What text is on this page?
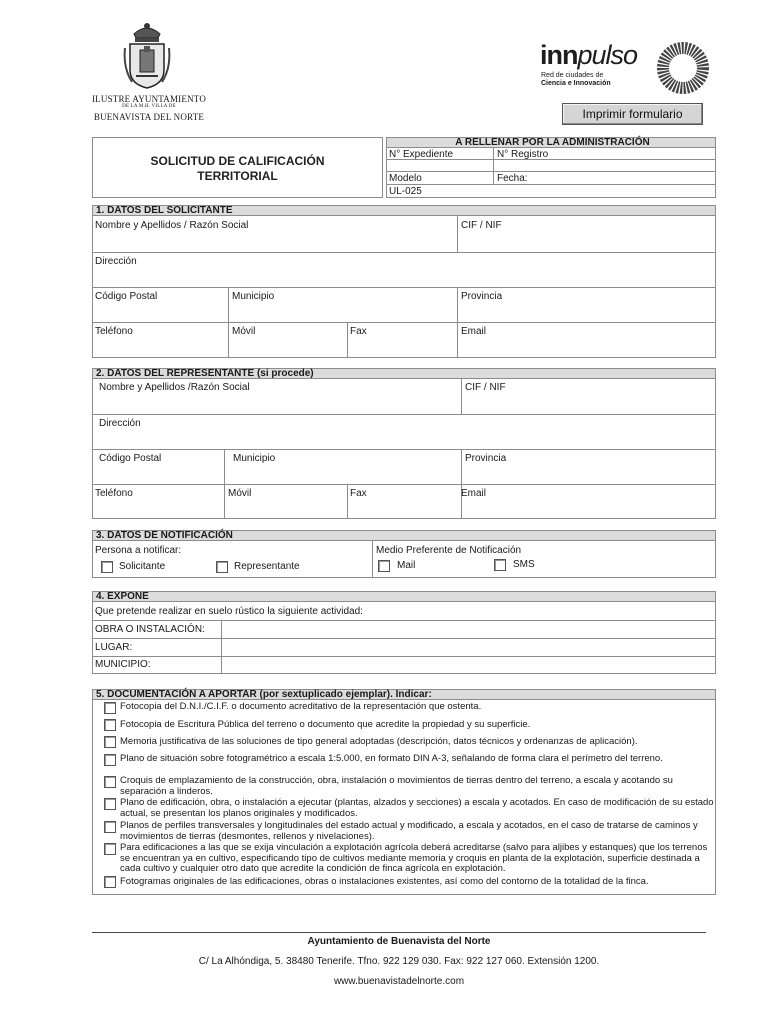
ILUSTRE AYUNTAMIENTO
DE LA M.H. VILLA DE
BUENAVISTA DEL NORTE
innpulso
Red de ciudades de
Ciencia e Innovación
Imprimir formulario
SOLICITUD DE CALIFICACIÓN
TERRITORIAL
A RELLENAR POR LA ADMINISTRACIÓN
N° Expediente	N° Registro
Modelo	Fecha:
UL-025
1. DATOS DEL SOLICITANTE
Nombre y Apellidos / Razón Social	CIF / NIF
Dirección
Código Postal	Municipio	Provincia
Teléfono	Móvil	Fax	Email
2. DATOS DEL REPRESENTANTE (si procede)
Nombre y Apellidos /Razón Social	CIF / NIF
Dirección
Código Postal	Municipio	Provincia
Teléfono	Móvil	Fax	Email
3. DATOS DE NOTIFICACIÓN
Persona a notificar:
Solicitante	Representante
Medio Preferente de Notificación
Mail	SMS
4. EXPONE
Que pretende realizar en suelo rústico la siguiente actividad:
OBRA O INSTALACIÓN:
LUGAR:
MUNICIPIO:
5. DOCUMENTACIÓN A APORTAR (por sextuplicado ejemplar). Indicar:
Fotocopia del D.N.I./C.I.F. o documento acreditativo de la representación que ostenta.
Fotocopia de Escritura Pública del terreno o documento que acredite la propiedad y su superficie.
Memoria justificativa de las soluciones de tipo general adoptadas (descripción, datos técnicos y ordenanzas de aplicación).
Plano de situación sobre fotogramétrico a escala 1:5.000, en formato DIN A-3, señalando de forma clara el perímetro del terreno.
Croquis de emplazamiento de la construcción, obra, instalación o movimientos de tierras dentro del terreno, a escala y acotando su separación a linderos.
Plano de edificación, obra, o instalación a ejecutar (plantas, alzados y secciones) a escala y acotados. En caso de modificación de su estado actual, se presentan los planos originales y modificados.
Planos de perfiles transversales y longitudinales del estado actual y modificado, a escala y acotados, en el caso de tratarse de caminos y movimientos de tierras (desmontes, rellenos y nivelaciones).
Para edificaciones a las que se exija vinculación a explotación agrícola deberá acreditarse (salvo para aljibes y estanques) que los terrenos se encuentran ya en cultivo, especificando tipo de cultivos mediante memoria y croquis en planta de la explotación, superficie destinada a cada cultivo y cualquier otro dato que acredite la condición de finca agrícola en explotación.
Fotogramas originales de las edificaciones, obras o instalaciones existentes, así como del contorno de la totalidad de la finca.
Ayuntamiento de Buenavista del Norte
C/ La Alhóndiga, 5. 38480 Tenerife. Tfno. 922 129 030. Fax: 922 127 060. Extensión 1200.
www.buenavistadelnorte.com
